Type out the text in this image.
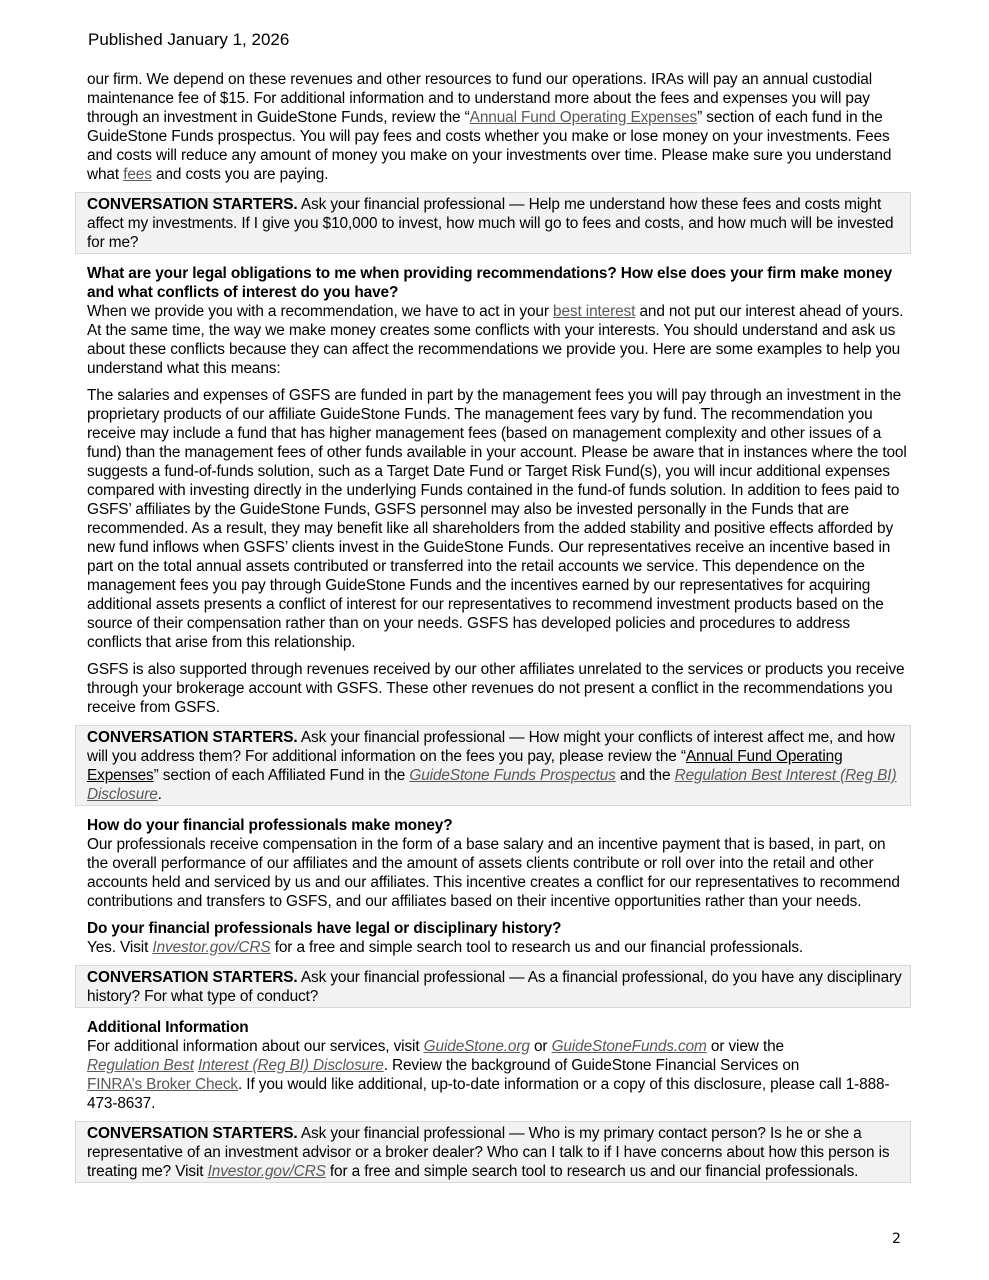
Published January 1, 2026

our firm. We depend on these revenues and other resources to fund our operations. IRAs will pay an annual custodial maintenance fee of $15. For additional information and to understand more about the fees and expenses you will pay through an investment in GuideStone Funds, review the “Annual Fund Operating Expenses” section of each fund in the GuideStone Funds prospectus. You will pay fees and costs whether you make or lose money on your investments. Fees and costs will reduce any amount of money you make on your investments over time. Please make sure you understand what fees and costs you are paying.

CONVERSATION STARTERS. Ask your financial professional — Help me understand how these fees and costs might affect my investments. If I give you $10,000 to invest, how much will go to fees and costs, and how much will be invested for me?

What are your legal obligations to me when providing recommendations? How else does your firm make money and what conflicts of interest do you have?

When we provide you with a recommendation, we have to act in your best interest and not put our interest ahead of yours. At the same time, the way we make money creates some conflicts with your interests. You should understand and ask us about these conflicts because they can affect the recommendations we provide you. Here are some examples to help you understand what this means:

The salaries and expenses of GSFS are funded in part by the management fees you will pay through an investment in the proprietary products of our affiliate GuideStone Funds. The management fees vary by fund. The recommendation you receive may include a fund that has higher management fees (based on management complexity and other issues of a fund) than the management fees of other funds available in your account. Please be aware that in instances where the tool suggests a fund-of-funds solution, such as a Target Date Fund or Target Risk Fund(s), you will incur additional expenses compared with investing directly in the underlying Funds contained in the fund-of funds solution. In addition to fees paid to GSFS’ affiliates by the GuideStone Funds, GSFS personnel may also be invested personally in the Funds that are recommended. As a result, they may benefit like all shareholders from the added stability and positive effects afforded by new fund inflows when GSFS’ clients invest in the GuideStone Funds. Our representatives receive an incentive based in part on the total annual assets contributed or transferred into the retail accounts we service. This dependence on the management fees you pay through GuideStone Funds and the incentives earned by our representatives for acquiring additional assets presents a conflict of interest for our representatives to recommend investment products based on the source of their compensation rather than on your needs. GSFS has developed policies and procedures to address conflicts that arise from this relationship.

GSFS is also supported through revenues received by our other affiliates unrelated to the services or products you receive through your brokerage account with GSFS. These other revenues do not present a conflict in the recommendations you receive from GSFS.

CONVERSATION STARTERS. Ask your financial professional — How might your conflicts of interest affect me, and how will you address them? For additional information on the fees you pay, please review the “Annual Fund Operating Expenses” section of each Affiliated Fund in the GuideStone Funds Prospectus and the Regulation Best Interest (Reg BI) Disclosure.

How do your financial professionals make money?

Our professionals receive compensation in the form of a base salary and an incentive payment that is based, in part, on the overall performance of our affiliates and the amount of assets clients contribute or roll over into the retail and other accounts held and serviced by us and our affiliates. This incentive creates a conflict for our representatives to recommend contributions and transfers to GSFS, and our affiliates based on their incentive opportunities rather than your needs.

Do your financial professionals have legal or disciplinary history?

Yes. Visit Investor.gov/CRS for a free and simple search tool to research us and our financial professionals.

CONVERSATION STARTERS. Ask your financial professional — As a financial professional, do you have any disciplinary history? For what type of conduct?

Additional Information

For additional information about our services, visit GuideStone.org or GuideStoneFunds.com or view the
Regulation Best Interest (Reg BI) Disclosure. Review the background of GuideStone Financial Services on
FINRA’s Broker Check. If you would like additional, up-to-date information or a copy of this disclosure, please call 1-888-473-8637.

CONVERSATION STARTERS. Ask your financial professional — Who is my primary contact person? Is he or she a representative of an investment advisor or a broker dealer? Who can I talk to if I have concerns about how this person is treating me? Visit Investor.gov/CRS for a free and simple search tool to research us and our financial professionals.
2
